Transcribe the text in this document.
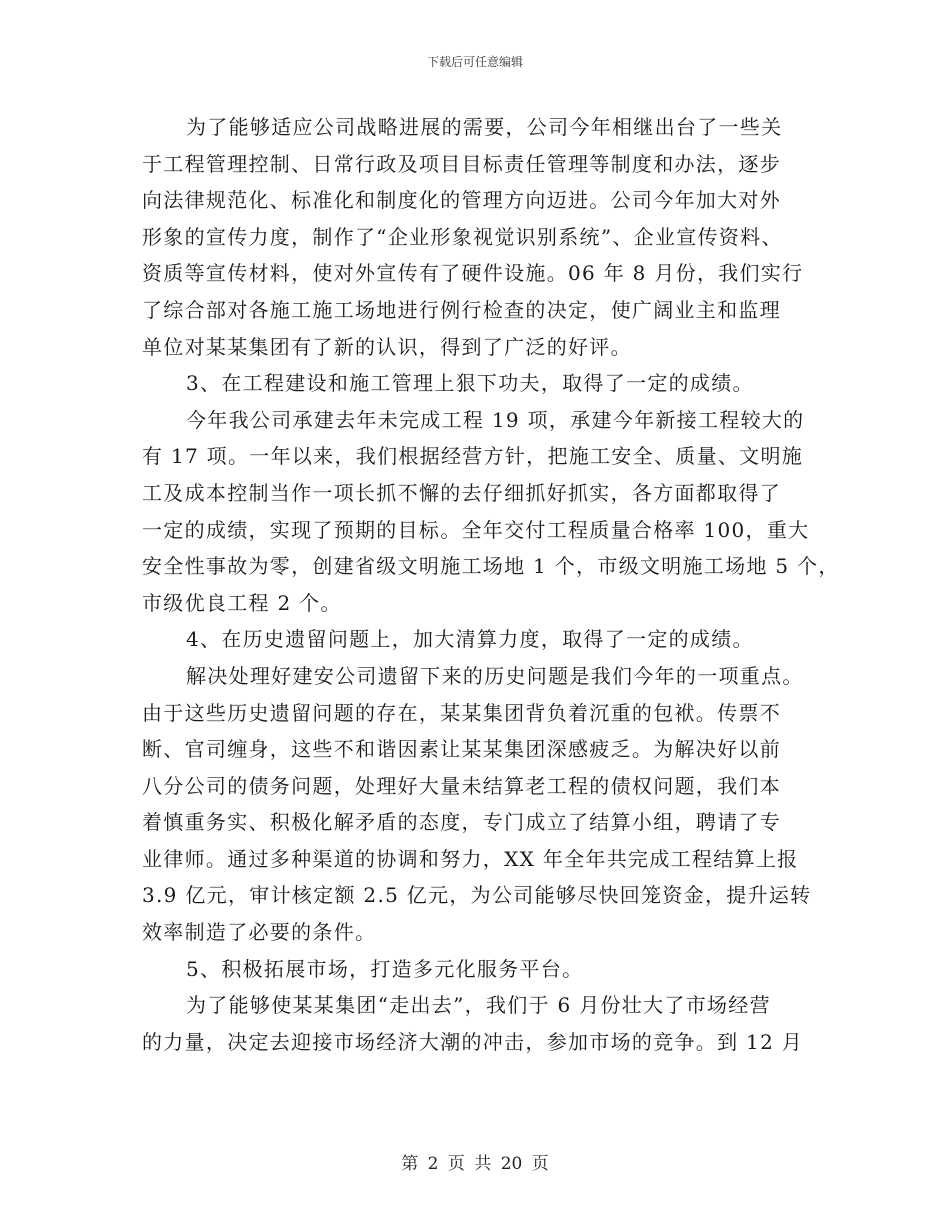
下载后可任意编辑
为了能够适应公司战略进展的需要，公司今年相继出台了一些关
于工程管理控制、日常行政及项目目标责任管理等制度和办法，逐步
向法律规范化、标准化和制度化的管理方向迈进。公司今年加大对外
形象的宣传力度，制作了“企业形象视觉识别系统”、企业宣传资料、
资质等宣传材料，使对外宣传有了硬件设施。06 年 8 月份，我们实行
了综合部对各施工施工场地进行例行检查的决定，使广阔业主和监理
单位对某某集团有了新的认识，得到了广泛的好评。
3、在工程建设和施工管理上狠下功夫，取得了一定的成绩。
今年我公司承建去年未完成工程 19 项，承建今年新接工程较大的
有 17 项。一年以来，我们根据经营方针，把施工安全、质量、文明施
工及成本控制当作一项长抓不懈的去仔细抓好抓实，各方面都取得了
一定的成绩，实现了预期的目标。全年交付工程质量合格率 100，重大
安全性事故为零，创建省级文明施工场地 1 个，市级文明施工场地 5 个，
市级优良工程 2 个。
4、在历史遗留问题上，加大清算力度，取得了一定的成绩。
解决处理好建安公司遗留下来的历史问题是我们今年的一项重点。
由于这些历史遗留问题的存在，某某集团背负着沉重的包袱。传票不
断、官司缠身，这些不和谐因素让某某集团深感疲乏。为解决好以前
八分公司的债务问题，处理好大量未结算老工程的债权问题，我们本
着慎重务实、积极化解矛盾的态度，专门成立了结算小组，聘请了专
业律师。通过多种渠道的协调和努力，XX 年全年共完成工程结算上报
3.9 亿元，审计核定额 2.5 亿元，为公司能够尽快回笼资金，提升运转
效率制造了必要的条件。
5、积极拓展市场，打造多元化服务平台。
为了能够使某某集团“走出去”，我们于 6 月份壮大了市场经营
的力量，决定去迎接市场经济大潮的冲击，参加市场的竞争。到 12 月
第 2 页 共 20 页
